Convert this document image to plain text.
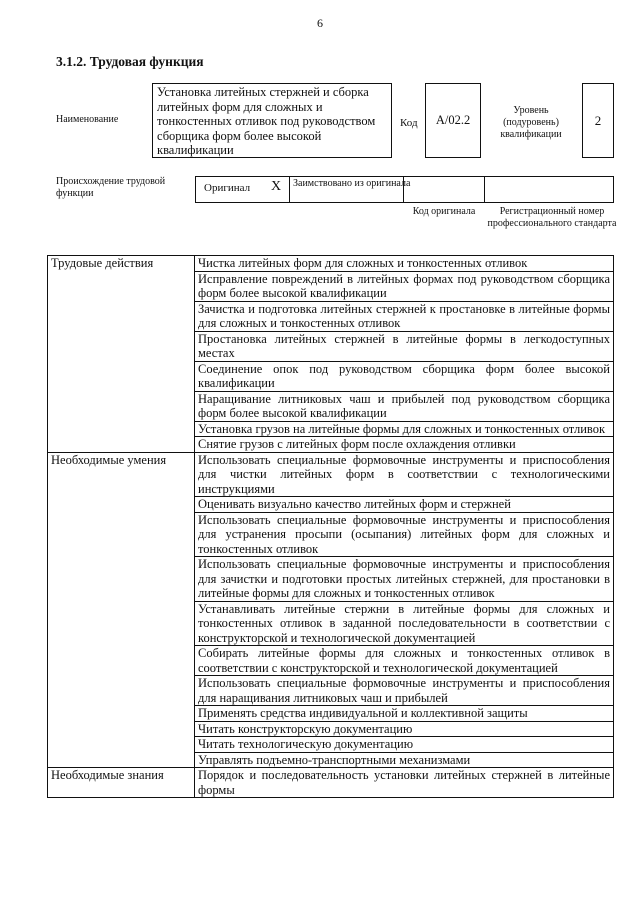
6
3.1.2. Трудовая функция
Наименование
Установка литейных стержней и сборка литейных форм для сложных и тонкостенных отливок под руководством сборщика форм более высокой квалификации
Код А/02.2
Уровень (подуровень) квалификации
2
Происхождение трудовой функции	Оригинал X Заимствовано из оригинала
Код оригинала	Регистрационный номер профессионального стандарта
Трудовые действия	Чистка литейных форм для сложных и тонкостенных отливок
	Исправление повреждений в литейных формах под руководством сборщика форм более высокой квалификации
	Зачистка и подготовка литейных стержней к простановке в литейные формы для сложных и тонкостенных отливок
	Простановка литейных стержней в литейные формы в легкодоступных местах
	Соединение опок под руководством сборщика форм более высокой квалификации
	Наращивание литниковых чаш и прибылей под руководством сборщика форм более высокой квалификации
	Установка грузов на литейные формы для сложных и тонкостенных отливок
	Снятие грузов с литейных форм после охлаждения отливки
Необходимые умения	Использовать специальные формовочные инструменты и приспособления для чистки литейных форм в соответствии с технологическими инструкциями
	Оценивать визуально качество литейных форм и стержней
	Использовать специальные формовочные инструменты и приспособления для устранения просыпи (осыпания) литейных форм для сложных и тонкостенных отливок
	Использовать специальные формовочные инструменты и приспособления для зачистки и подготовки простых литейных стержней, для простановки в литейные формы для сложных и тонкостенных отливок
	Устанавливать литейные стержни в литейные формы для сложных и тонкостенных отливок в заданной последовательности в соответствии с конструкторской и технологической документацией
	Собирать литейные формы для сложных и тонкостенных отливок в соответствии с конструкторской и технологической документацией
	Использовать специальные формовочные инструменты и приспособления для наращивания литниковых чаш и прибылей
	Применять средства индивидуальной и коллективной защиты
	Читать конструкторскую документацию
	Читать технологическую документацию
	Управлять подъемно-транспортными механизмами
Необходимые знания	Порядок и последовательность установки литейных стержней в литейные формы
